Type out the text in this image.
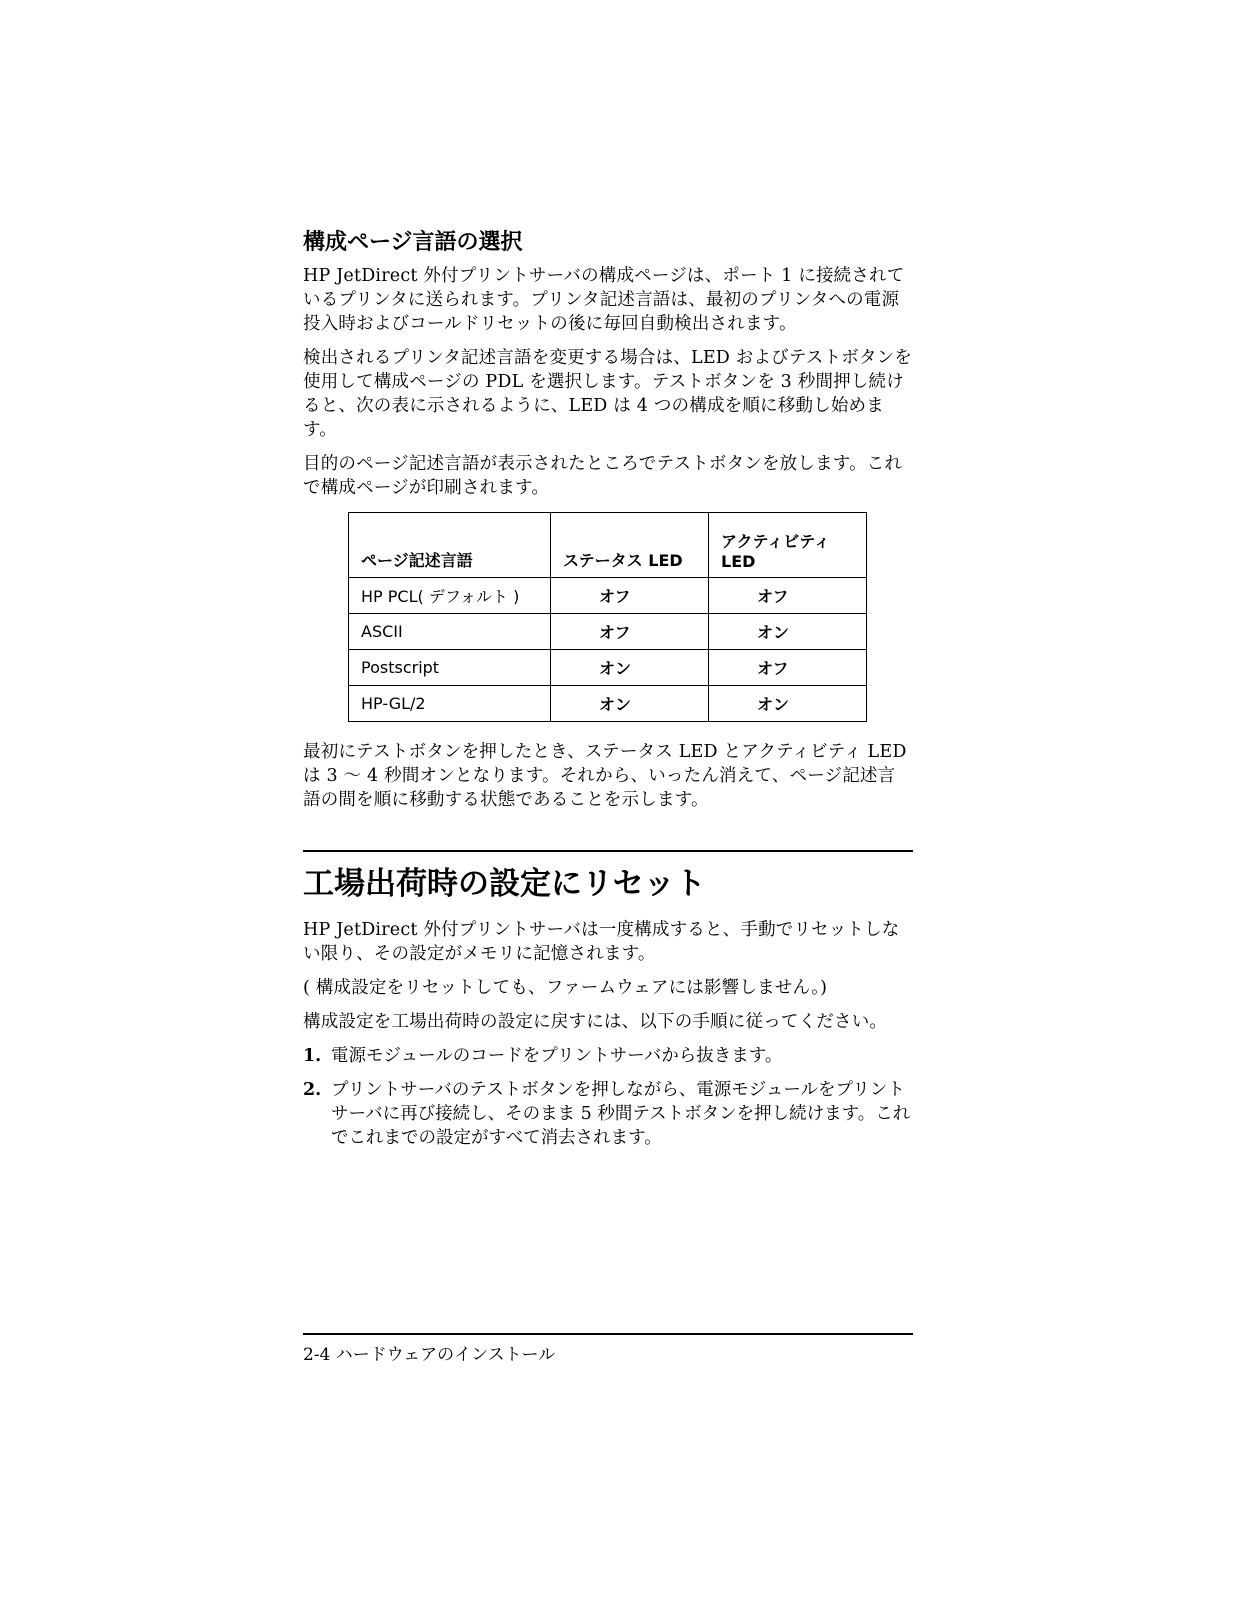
構成ページ言語の選択

HP JetDirect 外付プリントサーバの構成ページは、ポート 1 に接続されているプリンタに送られます。プリンタ記述言語は、最初のプリンタへの電源投入時およびコールドリセットの後に毎回自動検出されます。

検出されるプリンタ記述言語を変更する場合は、LED およびテストボタンを使用して構成ページの PDL を選択します。テストボタンを 3 秒間押し続けると、次の表に示されるように、LED は 4 つの構成を順に移動し始めます。

目的のページ記述言語が表示されたところでテストボタンを放します。これで構成ページが印刷されます。

ページ記述言語	ステータス LED	アクティビティ LED
HP PCL( デフォルト )	オフ	オフ
ASCII	オフ	オン
Postscript	オン	オフ
HP-GL/2	オン	オン

最初にテストボタンを押したとき、ステータス LED とアクティビティ LED は 3 〜 4 秒間オンとなります。それから、いったん消えて、ページ記述言語の間を順に移動する状態であることを示します。

工場出荷時の設定にリセット

HP JetDirect 外付プリントサーバは一度構成すると、手動でリセットしない限り、その設定がメモリに記憶されます。

( 構成設定をリセットしても、ファームウェアには影響しません。)

構成設定を工場出荷時の設定に戻すには、以下の手順に従ってください。

1. 電源モジュールのコードをプリントサーバから抜きます。
2. プリントサーバのテストボタンを押しながら、電源モジュールをプリントサーバに再び接続し、そのまま 5 秒間テストボタンを押し続けます。これでこれまでの設定がすべて消去されます。
2-4 ハードウェアのインストール
